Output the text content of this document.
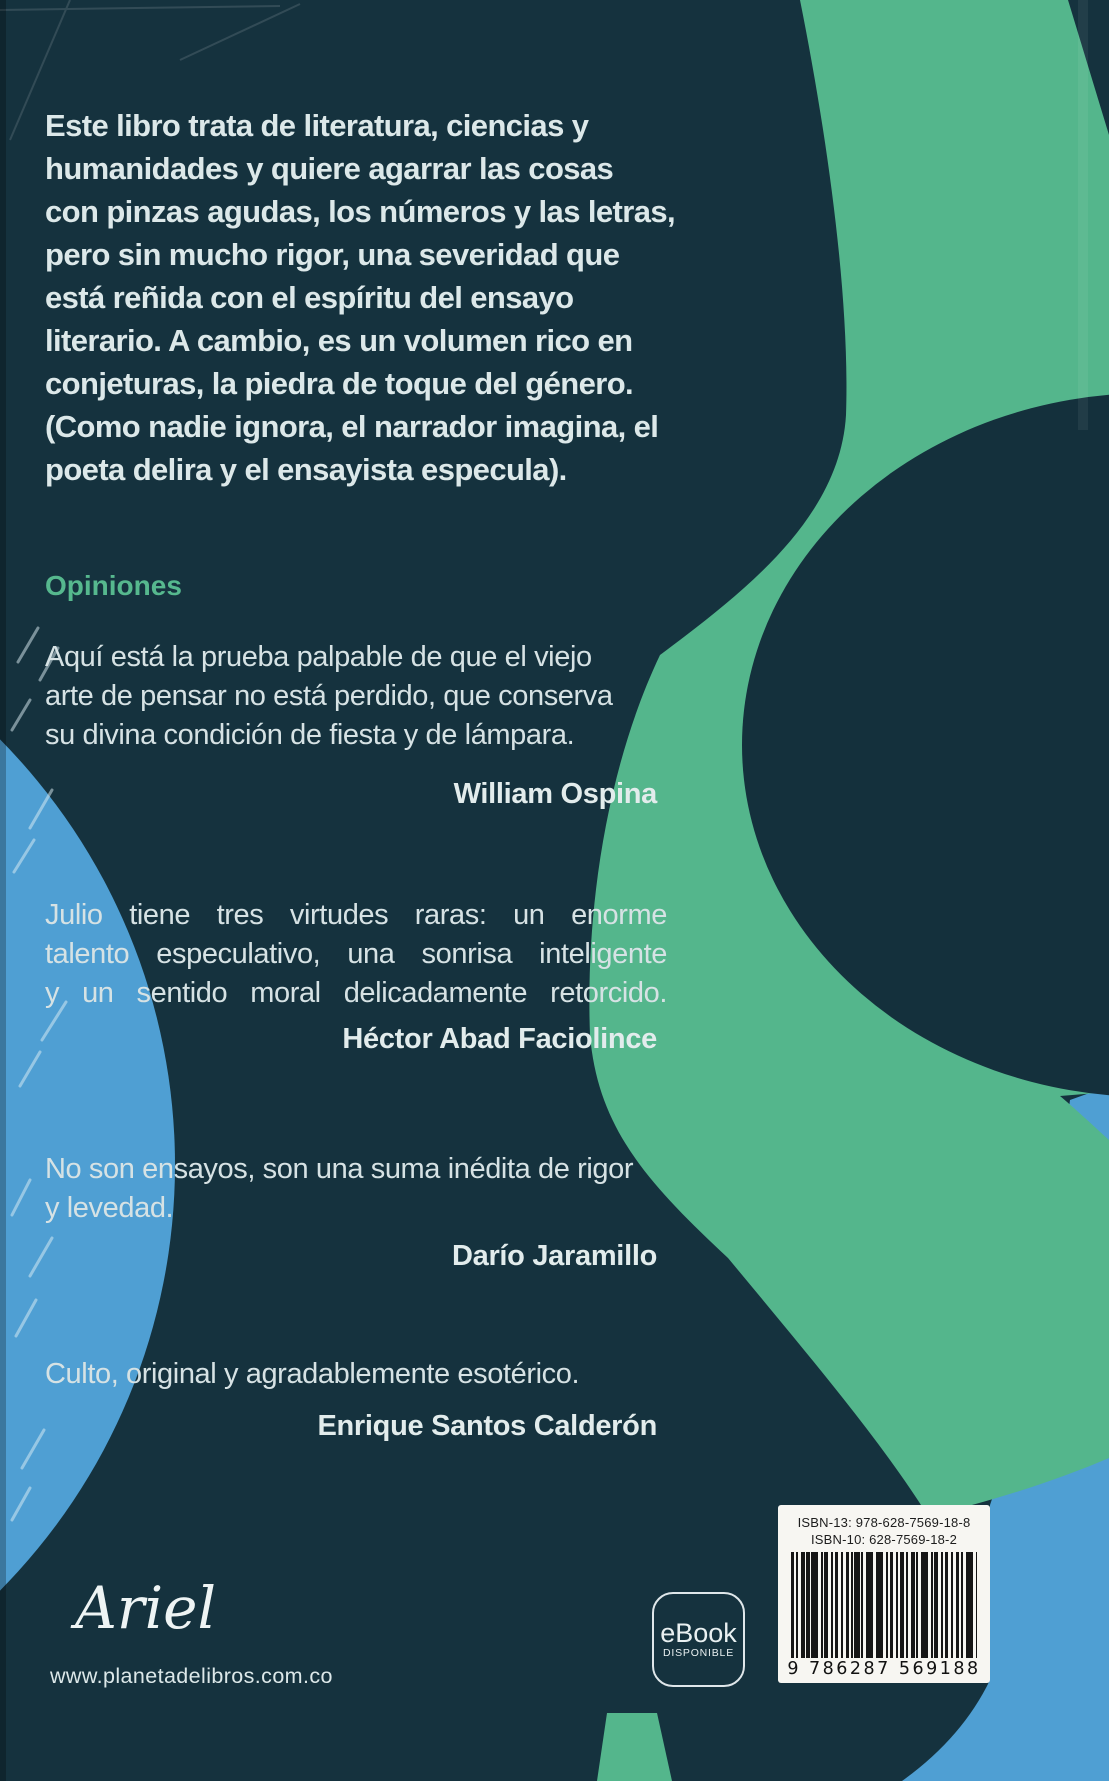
Este libro trata de literatura, ciencias y
humanidades y quiere agarrar las cosas
con pinzas agudas, los números y las letras,
pero sin mucho rigor, una severidad que
está reñida con el espíritu del ensayo
literario. A cambio, es un volumen rico en
conjeturas, la piedra de toque del género.
(Como nadie ignora, el narrador imagina, el
poeta delira y el ensayista especula).
Opiniones
Aquí está la prueba palpable de que el viejo
arte de pensar no está perdido, que conserva
su divina condición de fiesta y de lámpara.
William Ospina
Julio tiene tres virtudes raras: un enorme
talento especulativo, una sonrisa inteligente
y un sentido moral delicadamente retorcido.
Héctor Abad Faciolince
No son ensayos, son una suma inédita de rigor
y levedad.
Darío Jaramillo
Culto, original y agradablemente esotérico.
Enrique Santos Calderón
Ariel
www.planetadelibros.com.co
eBook
DISPONIBLE
ISBN-13: 978-628-7569-18-8
ISBN-10: 628-7569-18-2
9 786287 569188
